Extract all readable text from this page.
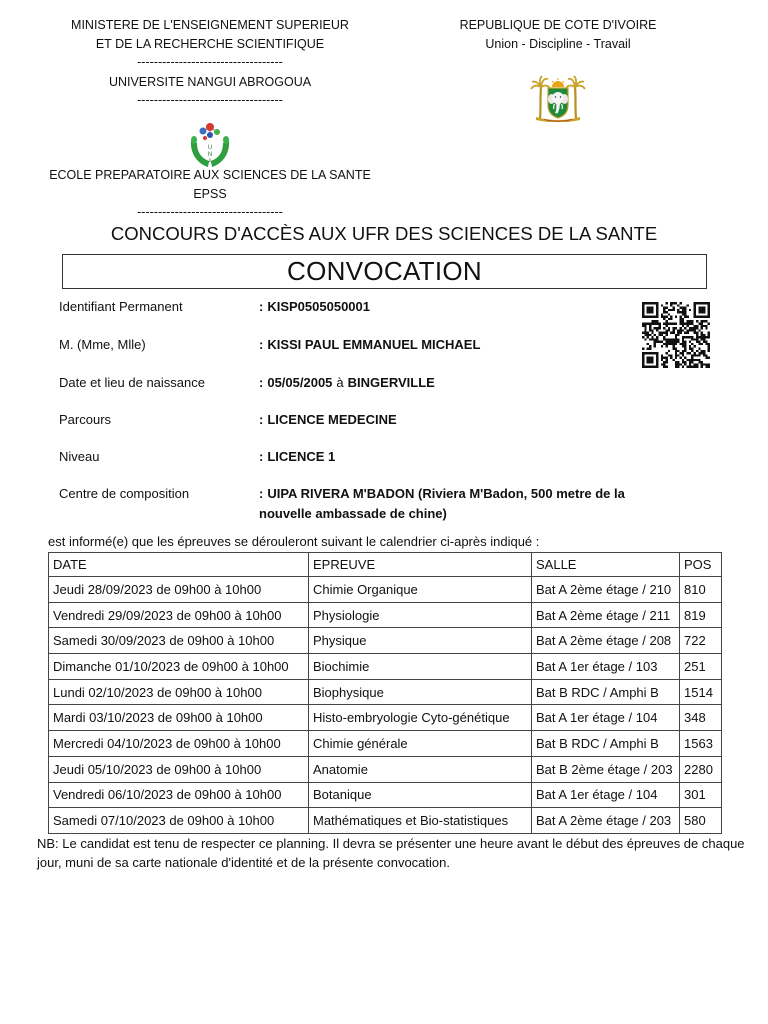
MINISTERE DE L'ENSEIGNEMENT SUPERIEUR
ET DE LA RECHERCHE SCIENTIFIQUE
-----------------------------------
UNIVERSITE NANGUI ABROGOUA
-----------------------------------
U
N
A
ECOLE PREPARATOIRE AUX SCIENCES DE LA SANTE
EPSS
-----------------------------------
REPUBLIQUE DE COTE D'IVOIRE
Union - Discipline - Travail
CONCOURS D'ACCÈS AUX UFR DES SCIENCES DE LA SANTE
CONVOCATION
Identifiant Permanent	: KISP0505050001
M. (Mme, Mlle)	: KISSI PAUL EMMANUEL MICHAEL
Date et lieu de naissance	: 05/05/2005 à BINGERVILLE
Parcours	: LICENCE MEDECINE
Niveau	: LICENCE 1
Centre de composition	: UIPA RIVERA M'BADON (Riviera M'Badon, 500 metre de la nouvelle ambassade de chine)
est informé(e) que les épreuves se dérouleront suivant le calendrier ci-après indiqué :
DATE	EPREUVE	SALLE	POS
Jeudi 28/09/2023 de 09h00 à 10h00	Chimie Organique	Bat A 2ème étage / 210	810
Vendredi 29/09/2023 de 09h00 à 10h00	Physiologie	Bat A 2ème étage / 211	819
Samedi 30/09/2023 de 09h00 à 10h00	Physique	Bat A 2ème étage / 208	722
Dimanche 01/10/2023 de 09h00 à 10h00	Biochimie	Bat A 1er étage / 103	251
Lundi 02/10/2023 de 09h00 à 10h00	Biophysique	Bat B RDC / Amphi B	1514
Mardi 03/10/2023 de 09h00 à 10h00	Histo-embryologie Cyto-génétique	Bat A 1er étage / 104	348
Mercredi 04/10/2023 de 09h00 à 10h00	Chimie générale	Bat B RDC / Amphi B	1563
Jeudi 05/10/2023 de 09h00 à 10h00	Anatomie	Bat B 2ème étage / 203	2280
Vendredi 06/10/2023 de 09h00 à 10h00	Botanique	Bat A 1er étage / 104	301
Samedi 07/10/2023 de 09h00 à 10h00	Mathématiques et Bio-statistiques	Bat A 2ème étage / 203	580
NB: Le candidat est tenu de respecter ce planning. Il devra se présenter une heure avant le début des épreuves de chaque jour, muni de sa carte nationale d'identité et de la présente convocation.
